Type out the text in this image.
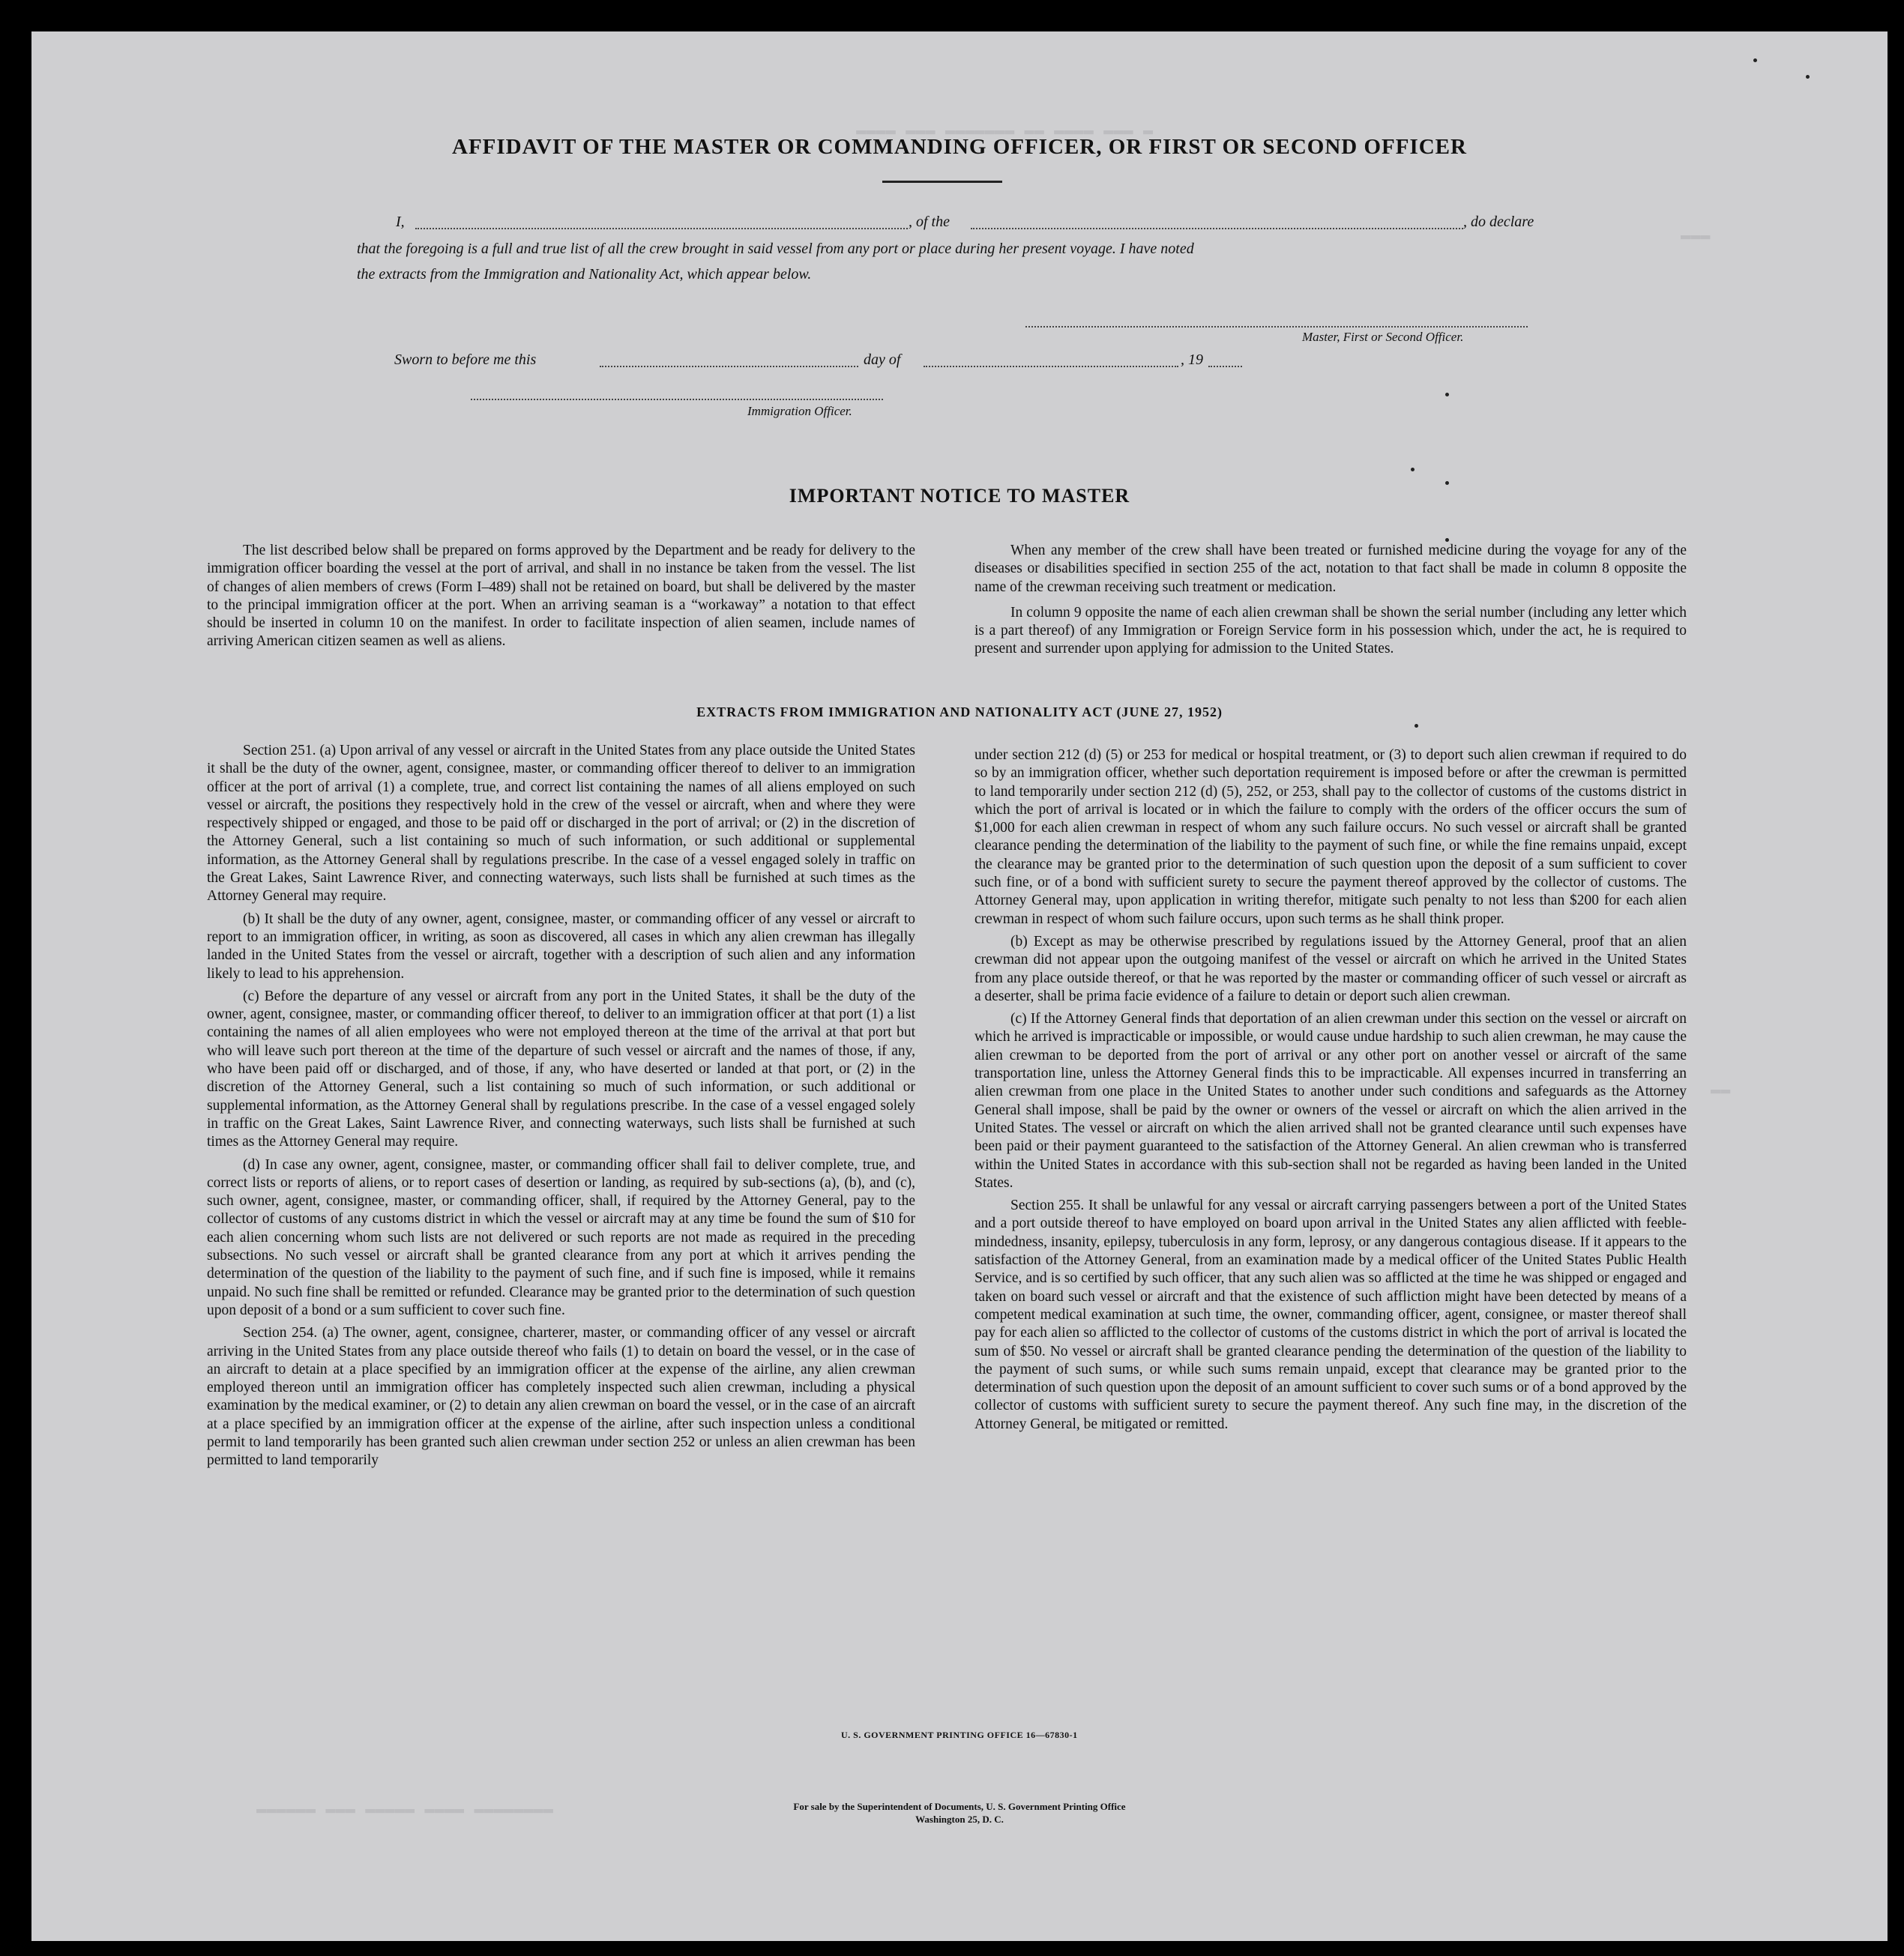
▬ ▬▬▬ ▬▬▬▬ ▬▬ ▬▬▬▬▬▬▬ ▬▬▬ ▬▬▬▬
▬▬▬
▬▬
▬▬▬▬▬▬ ▬▬▬ ▬▬▬▬▬ ▬▬▬▬ ▬▬▬▬▬▬▬▬
AFFIDAVIT OF THE MASTER OR COMMANDING OFFICER, OR FIRST OR SECOND OFFICER
I,	, of the	, do declare
that the foregoing is a full and true list of all the crew brought in said vessel from any port or place during her present voyage. I have noted
the extracts from the Immigration and Nationality Act, which appear below.
Master, First or Second Officer.
Sworn to before me this	day of	, 19
Immigration Officer.
IMPORTANT NOTICE TO MASTER

The list described below shall be prepared on forms approved by the Department and be ready for delivery to the immigration officer boarding the vessel at the port of arrival, and shall in no instance be taken from the vessel. The list of changes of alien members of crews (Form I–489) shall not be retained on board, but shall be delivered by the master to the principal immigration officer at the port. When an arriving seaman is a “workaway” a notation to that effect should be inserted in column 10 on the manifest. In order to facilitate inspection of alien seamen, include names of arriving American citizen seamen as well as aliens.

When any member of the crew shall have been treated or furnished medicine during the voyage for any of the diseases or disabilities specified in section 255 of the act, notation to that fact shall be made in column 8 opposite the name of the crewman receiving such treatment or medication.

In column 9 opposite the name of each alien crewman shall be shown the serial number (including any letter which is a part thereof) of any Immigration or Foreign Service form in his possession which, under the act, he is required to present and surrender upon applying for admission to the United States.

EXTRACTS FROM IMMIGRATION AND NATIONALITY ACT (JUNE 27, 1952)

Section 251. (a) Upon arrival of any vessel or aircraft in the United States from any place outside the United States it shall be the duty of the owner, agent, consignee, master, or commanding officer thereof to deliver to an immigration officer at the port of arrival (1) a complete, true, and correct list containing the names of all aliens employed on such vessel or aircraft, the positions they respectively hold in the crew of the vessel or aircraft, when and where they were respectively shipped or engaged, and those to be paid off or discharged in the port of arrival; or (2) in the discretion of the Attorney General, such a list containing so much of such information, or such additional or supplemental information, as the Attorney General shall by regulations prescribe. In the case of a vessel engaged solely in traffic on the Great Lakes, Saint Lawrence River, and connecting waterways, such lists shall be furnished at such times as the Attorney General may require.

(b) It shall be the duty of any owner, agent, consignee, master, or commanding officer of any vessel or aircraft to report to an immigration officer, in writing, as soon as discovered, all cases in which any alien crewman has illegally landed in the United States from the vessel or aircraft, together with a description of such alien and any information likely to lead to his apprehension.

(c) Before the departure of any vessel or aircraft from any port in the United States, it shall be the duty of the owner, agent, consignee, master, or commanding officer thereof, to deliver to an immigration officer at that port (1) a list containing the names of all alien employees who were not employed thereon at the time of the arrival at that port but who will leave such port thereon at the time of the departure of such vessel or aircraft and the names of those, if any, who have been paid off or discharged, and of those, if any, who have deserted or landed at that port, or (2) in the discretion of the Attorney General, such a list containing so much of such information, or such additional or supplemental information, as the Attorney General shall by regulations prescribe. In the case of a vessel engaged solely in traffic on the Great Lakes, Saint Lawrence River, and connecting waterways, such lists shall be furnished at such times as the Attorney General may require.

(d) In case any owner, agent, consignee, master, or commanding officer shall fail to deliver complete, true, and correct lists or reports of aliens, or to report cases of desertion or landing, as required by sub-sections (a), (b), and (c), such owner, agent, consignee, master, or commanding officer, shall, if required by the Attorney General, pay to the collector of customs of any customs district in which the vessel or aircraft may at any time be found the sum of $10 for each alien concerning whom such lists are not delivered or such reports are not made as required in the preceding subsections. No such vessel or aircraft shall be granted clearance from any port at which it arrives pending the determination of the question of the liability to the payment of such fine, and if such fine is imposed, while it remains unpaid. No such fine shall be remitted or refunded. Clearance may be granted prior to the determination of such question upon deposit of a bond or a sum sufficient to cover such fine.

Section 254. (a) The owner, agent, consignee, charterer, master, or commanding officer of any vessel or aircraft arriving in the United States from any place outside thereof who fails (1) to detain on board the vessel, or in the case of an aircraft to detain at a place specified by an immigration officer at the expense of the airline, any alien crewman employed thereon until an immigration officer has completely inspected such alien crewman, including a physical examination by the medical examiner, or (2) to detain any alien crewman on board the vessel, or in the case of an aircraft at a place specified by an immigration officer at the expense of the airline, after such inspection unless a conditional permit to land temporarily has been granted such alien crewman under section 252 or unless an alien crewman has been permitted to land temporarily

under section 212 (d) (5) or 253 for medical or hospital treatment, or (3) to deport such alien crewman if required to do so by an immigration officer, whether such deportation requirement is imposed before or after the crewman is permitted to land temporarily under section 212 (d) (5), 252, or 253, shall pay to the collector of customs of the customs district in which the port of arrival is located or in which the failure to comply with the orders of the officer occurs the sum of $1,000 for each alien crewman in respect of whom any such failure occurs. No such vessel or aircraft shall be granted clearance pending the determination of the liability to the payment of such fine, or while the fine remains unpaid, except the clearance may be granted prior to the determination of such question upon the deposit of a sum sufficient to cover such fine, or of a bond with sufficient surety to secure the payment thereof approved by the collector of customs. The Attorney General may, upon application in writing therefor, mitigate such penalty to not less than $200 for each alien crewman in respect of whom such failure occurs, upon such terms as he shall think proper.

(b) Except as may be otherwise prescribed by regulations issued by the Attorney General, proof that an alien crewman did not appear upon the outgoing manifest of the vessel or aircraft on which he arrived in the United States from any place outside thereof, or that he was reported by the master or commanding officer of such vessel or aircraft as a deserter, shall be prima facie evidence of a failure to detain or deport such alien crewman.

(c) If the Attorney General finds that deportation of an alien crewman under this section on the vessel or aircraft on which he arrived is impracticable or impossible, or would cause undue hardship to such alien crewman, he may cause the alien crewman to be deported from the port of arrival or any other port on another vessel or aircraft of the same transportation line, unless the Attorney General finds this to be impracticable. All expenses incurred in transferring an alien crewman from one place in the United States to another under such conditions and safeguards as the Attorney General shall impose, shall be paid by the owner or owners of the vessel or aircraft on which the alien arrived in the United States. The vessel or aircraft on which the alien arrived shall not be granted clearance until such expenses have been paid or their payment guaranteed to the satisfaction of the Attorney General. An alien crewman who is transferred within the United States in accordance with this sub-section shall not be regarded as having been landed in the United States.

Section 255. It shall be unlawful for any vessal or aircraft carrying passengers between a port of the United States and a port outside thereof to have employed on board upon arrival in the United States any alien afflicted with feeble-mindedness, insanity, epilepsy, tuberculosis in any form, leprosy, or any dangerous contagious disease. If it appears to the satisfaction of the Attorney General, from an examination made by a medical officer of the United States Public Health Service, and is so certified by such officer, that any such alien was so afflicted at the time he was shipped or engaged and taken on board such vessel or aircraft and that the existence of such affliction might have been detected by means of a competent medical examination at such time, the owner, commanding officer, agent, consignee, or master thereof shall pay for each alien so afflicted to the collector of customs of the customs district in which the port of arrival is located the sum of $50. No vessel or aircraft shall be granted clearance pending the determination of the question of the liability to the payment of such sums, or while such sums remain unpaid, except that clearance may be granted prior to the determination of such question upon the deposit of an amount sufficient to cover such sums or of a bond approved by the collector of customs with sufficient surety to secure the payment thereof. Any such fine may, in the discretion of the Attorney General, be mitigated or remitted.

U. S. GOVERNMENT PRINTING OFFICE 16—67830-1
For sale by the Superintendent of Documents, U. S. Government Printing Office
Washington 25, D. C.
